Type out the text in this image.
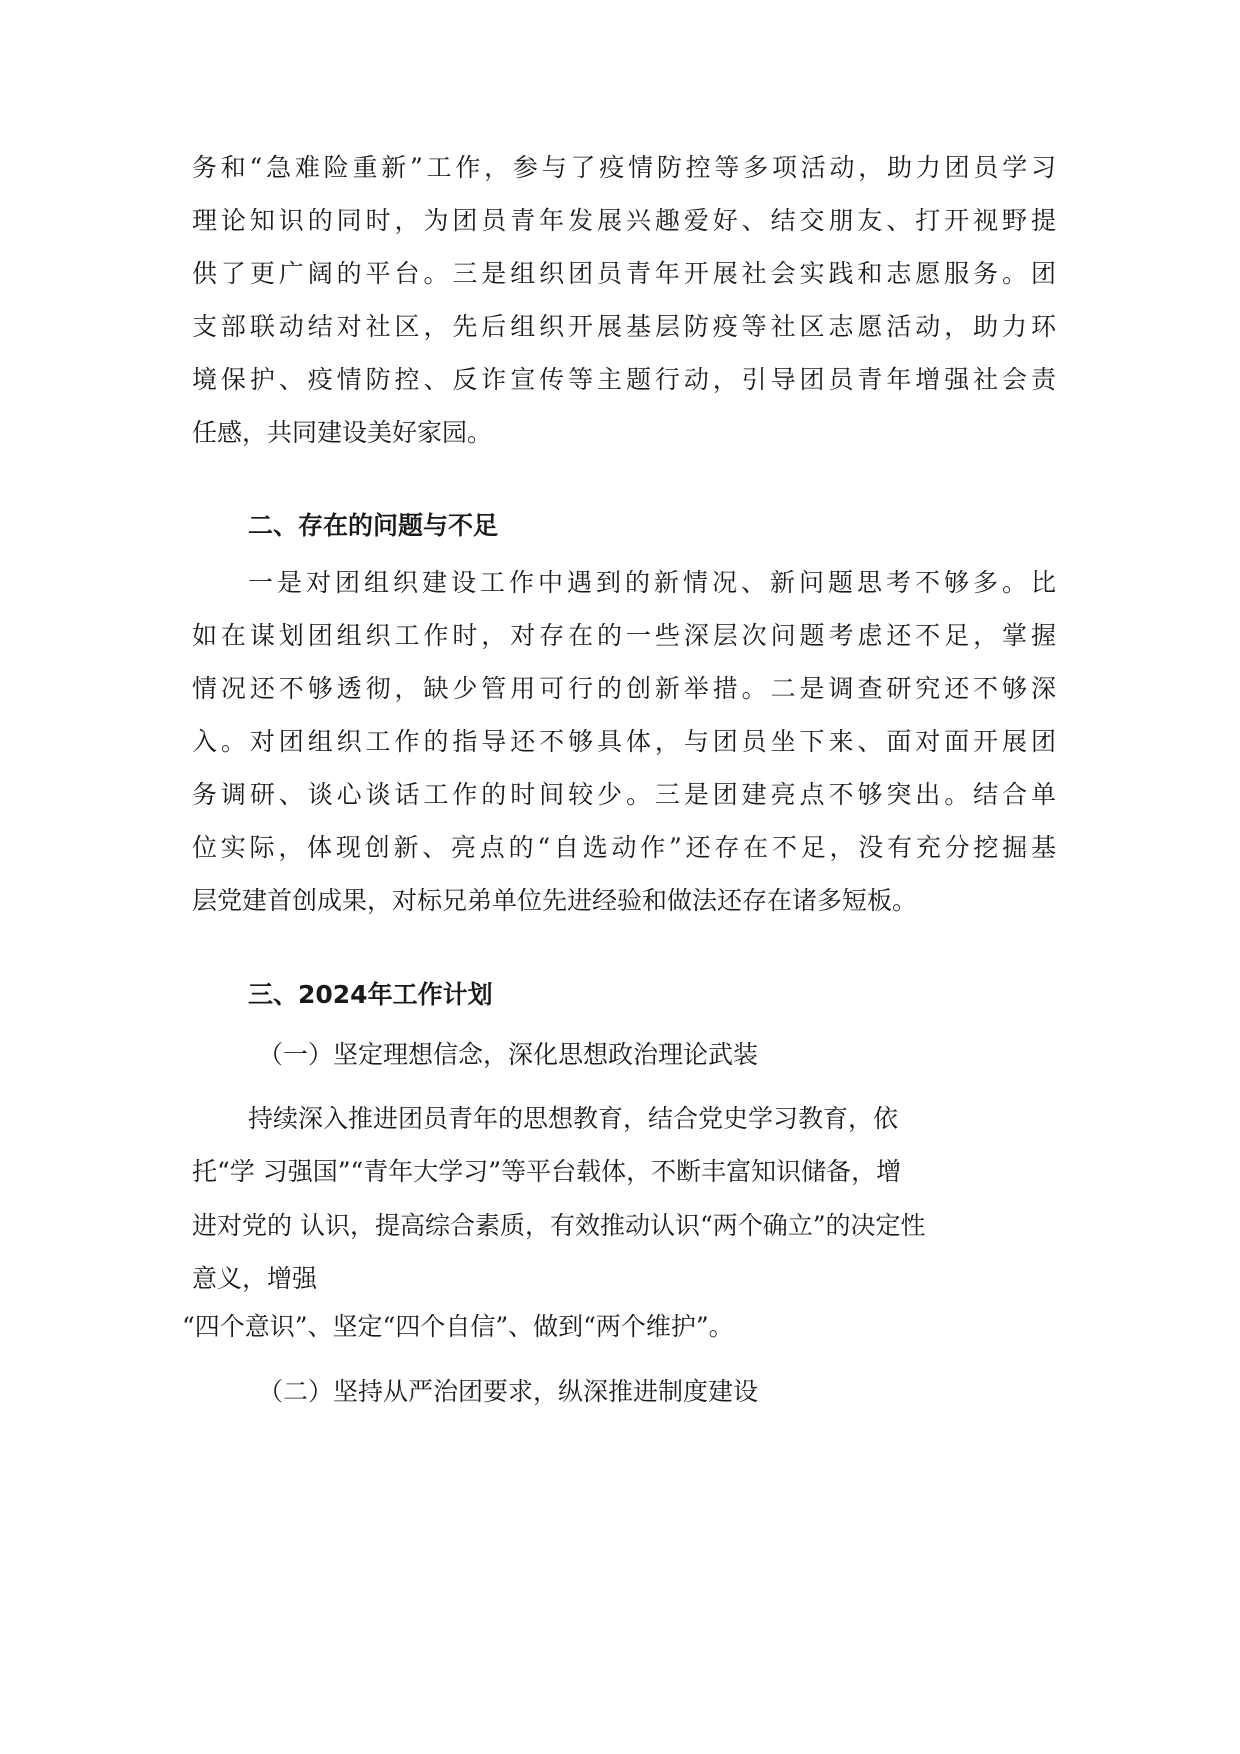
务和“急难险重新”工作，参与了疫情防控等多项活动，助力团员学习
理论知识的同时，为团员青年发展兴趣爱好、结交朋友、打开视野提
供了更广阔的平台。三是组织团员青年开展社会实践和志愿服务。团
支部联动结对社区，先后组织开展基层防疫等社区志愿活动，助力环
境保护、疫情防控、反诈宣传等主题行动，引导团员青年增强社会责
任感，共同建设美好家园。
二、存在的问题与不足
一是对团组织建设工作中遇到的新情况、新问题思考不够多。比
如在谋划团组织工作时，对存在的一些深层次问题考虑还不足，掌握
情况还不够透彻，缺少管用可行的创新举措。二是调查研究还不够深
入。对团组织工作的指导还不够具体，与团员坐下来、面对面开展团
务调研、谈心谈话工作的时间较少。三是团建亮点不够突出。结合单
位实际，体现创新、亮点的“自选动作”还存在不足，没有充分挖掘基
层党建首创成果，对标兄弟单位先进经验和做法还存在诸多短板。
三、2024年工作计划
（一）坚定理想信念，深化思想政治理论武装
持续深入推进团员青年的思想教育，结合党史学习教育，依
托“学 习强国”“青年大学习”等平台载体，不断丰富知识储备，增
进对党的 认识，提高综合素质，有效推动认识“两个确立”的决定性
意义，增强
“四个意识”、坚定“四个自信”、做到“两个维护”。
（二）坚持从严治团要求，纵深推进制度建设
